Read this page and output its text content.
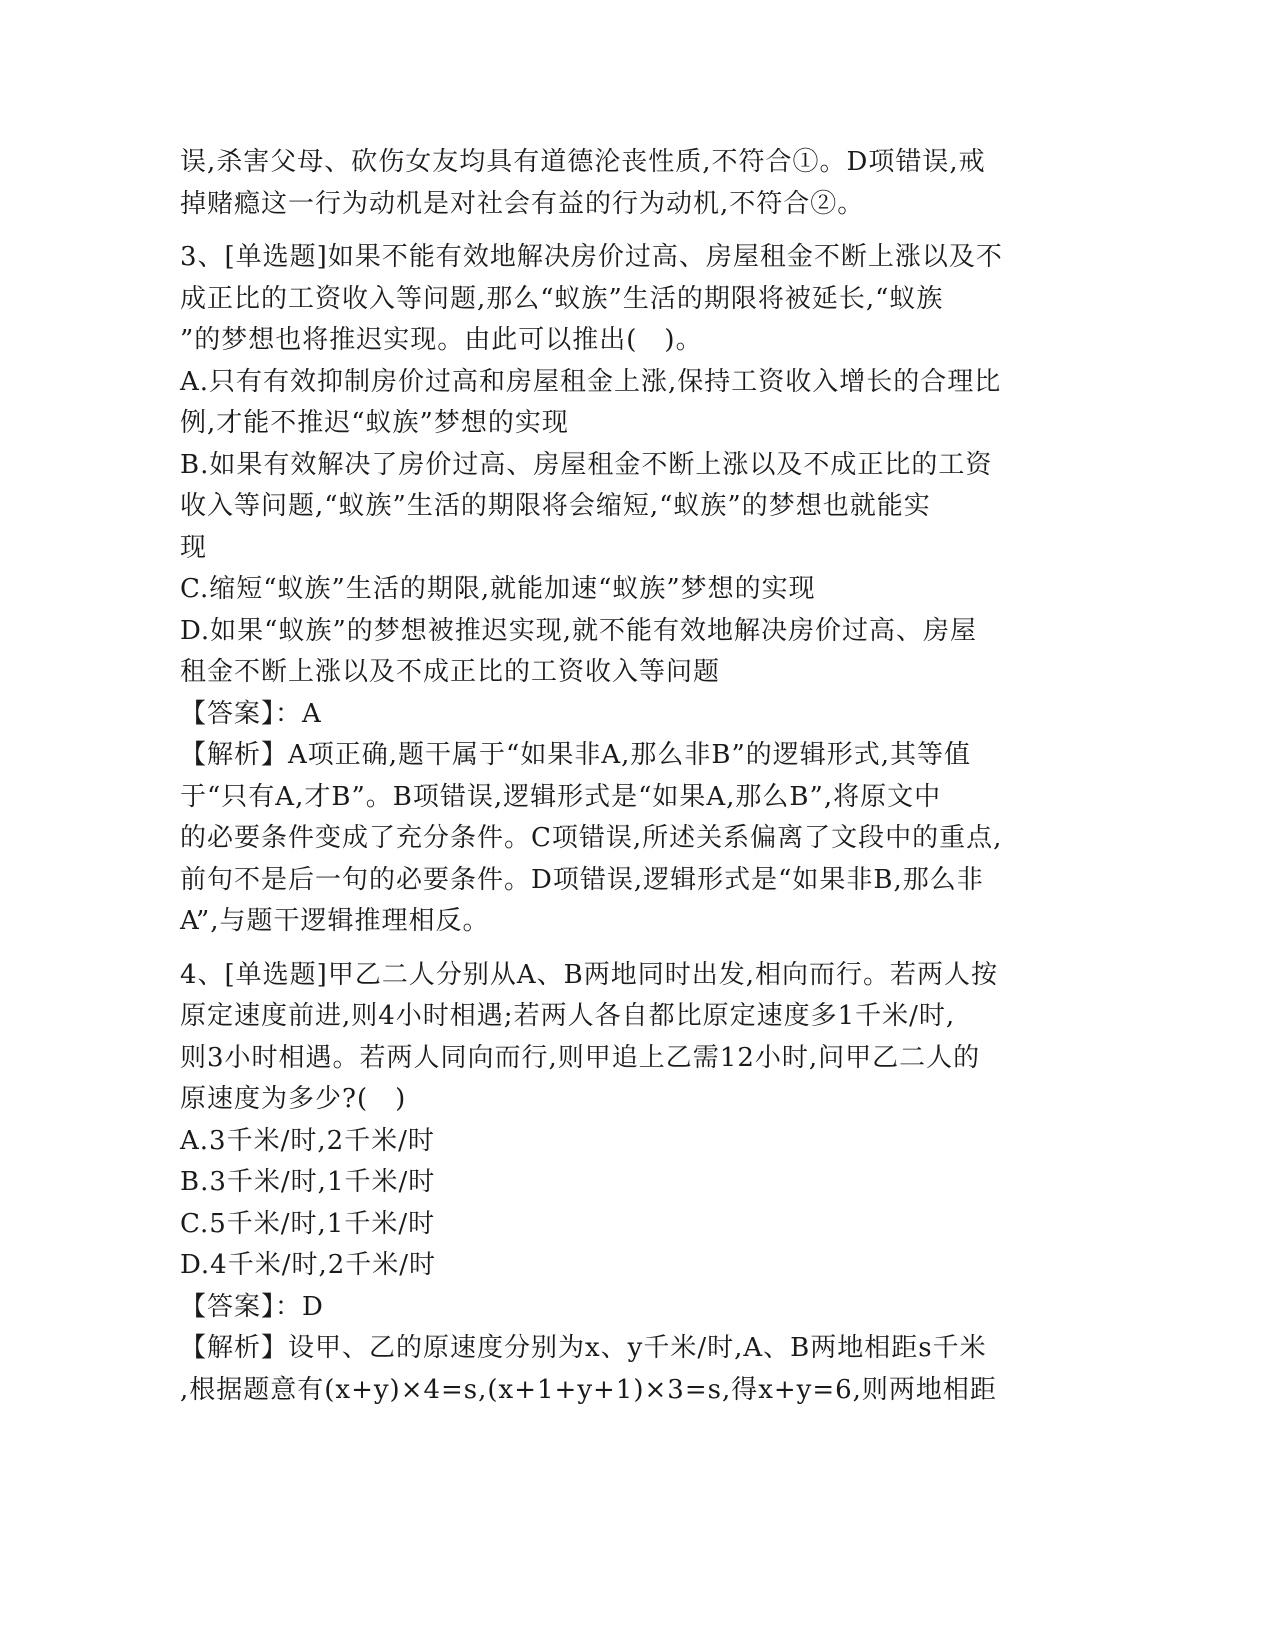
误,杀害父母、砍伤女友均具有道德沦丧性质,不符合①。D项错误,戒
掉赌瘾这一行为动机是对社会有益的行为动机,不符合②。
3、[单选题]如果不能有效地解决房价过高、房屋租金不断上涨以及不
成正比的工资收入等问题,那么“蚁族”生活的期限将被延长,“蚁族
”的梦想也将推迟实现。由此可以推出(　)。
A.只有有效抑制房价过高和房屋租金上涨,保持工资收入增长的合理比
例,才能不推迟“蚁族”梦想的实现
B.如果有效解决了房价过高、房屋租金不断上涨以及不成正比的工资
收入等问题,“蚁族”生活的期限将会缩短,“蚁族”的梦想也就能实
现
C.缩短“蚁族”生活的期限,就能加速“蚁族”梦想的实现
D.如果“蚁族”的梦想被推迟实现,就不能有效地解决房价过高、房屋
租金不断上涨以及不成正比的工资收入等问题
【答案】：A
【解析】A项正确,题干属于“如果非A,那么非B”的逻辑形式,其等值
于“只有A,才B”。B项错误,逻辑形式是“如果A,那么B”,将原文中
的必要条件变成了充分条件。C项错误,所述关系偏离了文段中的重点,
前句不是后一句的必要条件。D项错误,逻辑形式是“如果非B,那么非
A”,与题干逻辑推理相反。
4、[单选题]甲乙二人分别从A、B两地同时出发,相向而行。若两人按
原定速度前进,则4小时相遇;若两人各自都比原定速度多1千米/时,
则3小时相遇。若两人同向而行,则甲追上乙需12小时,问甲乙二人的
原速度为多少?(　)
A.3千米/时,2千米/时
B.3千米/时,1千米/时
C.5千米/时,1千米/时
D.4千米/时,2千米/时
【答案】：D
【解析】设甲、乙的原速度分别为x、y千米/时,A、B两地相距s千米
,根据题意有(x+y)×4=s,(x+1+y+1)×3=s,得x+y=6,则两地相距
